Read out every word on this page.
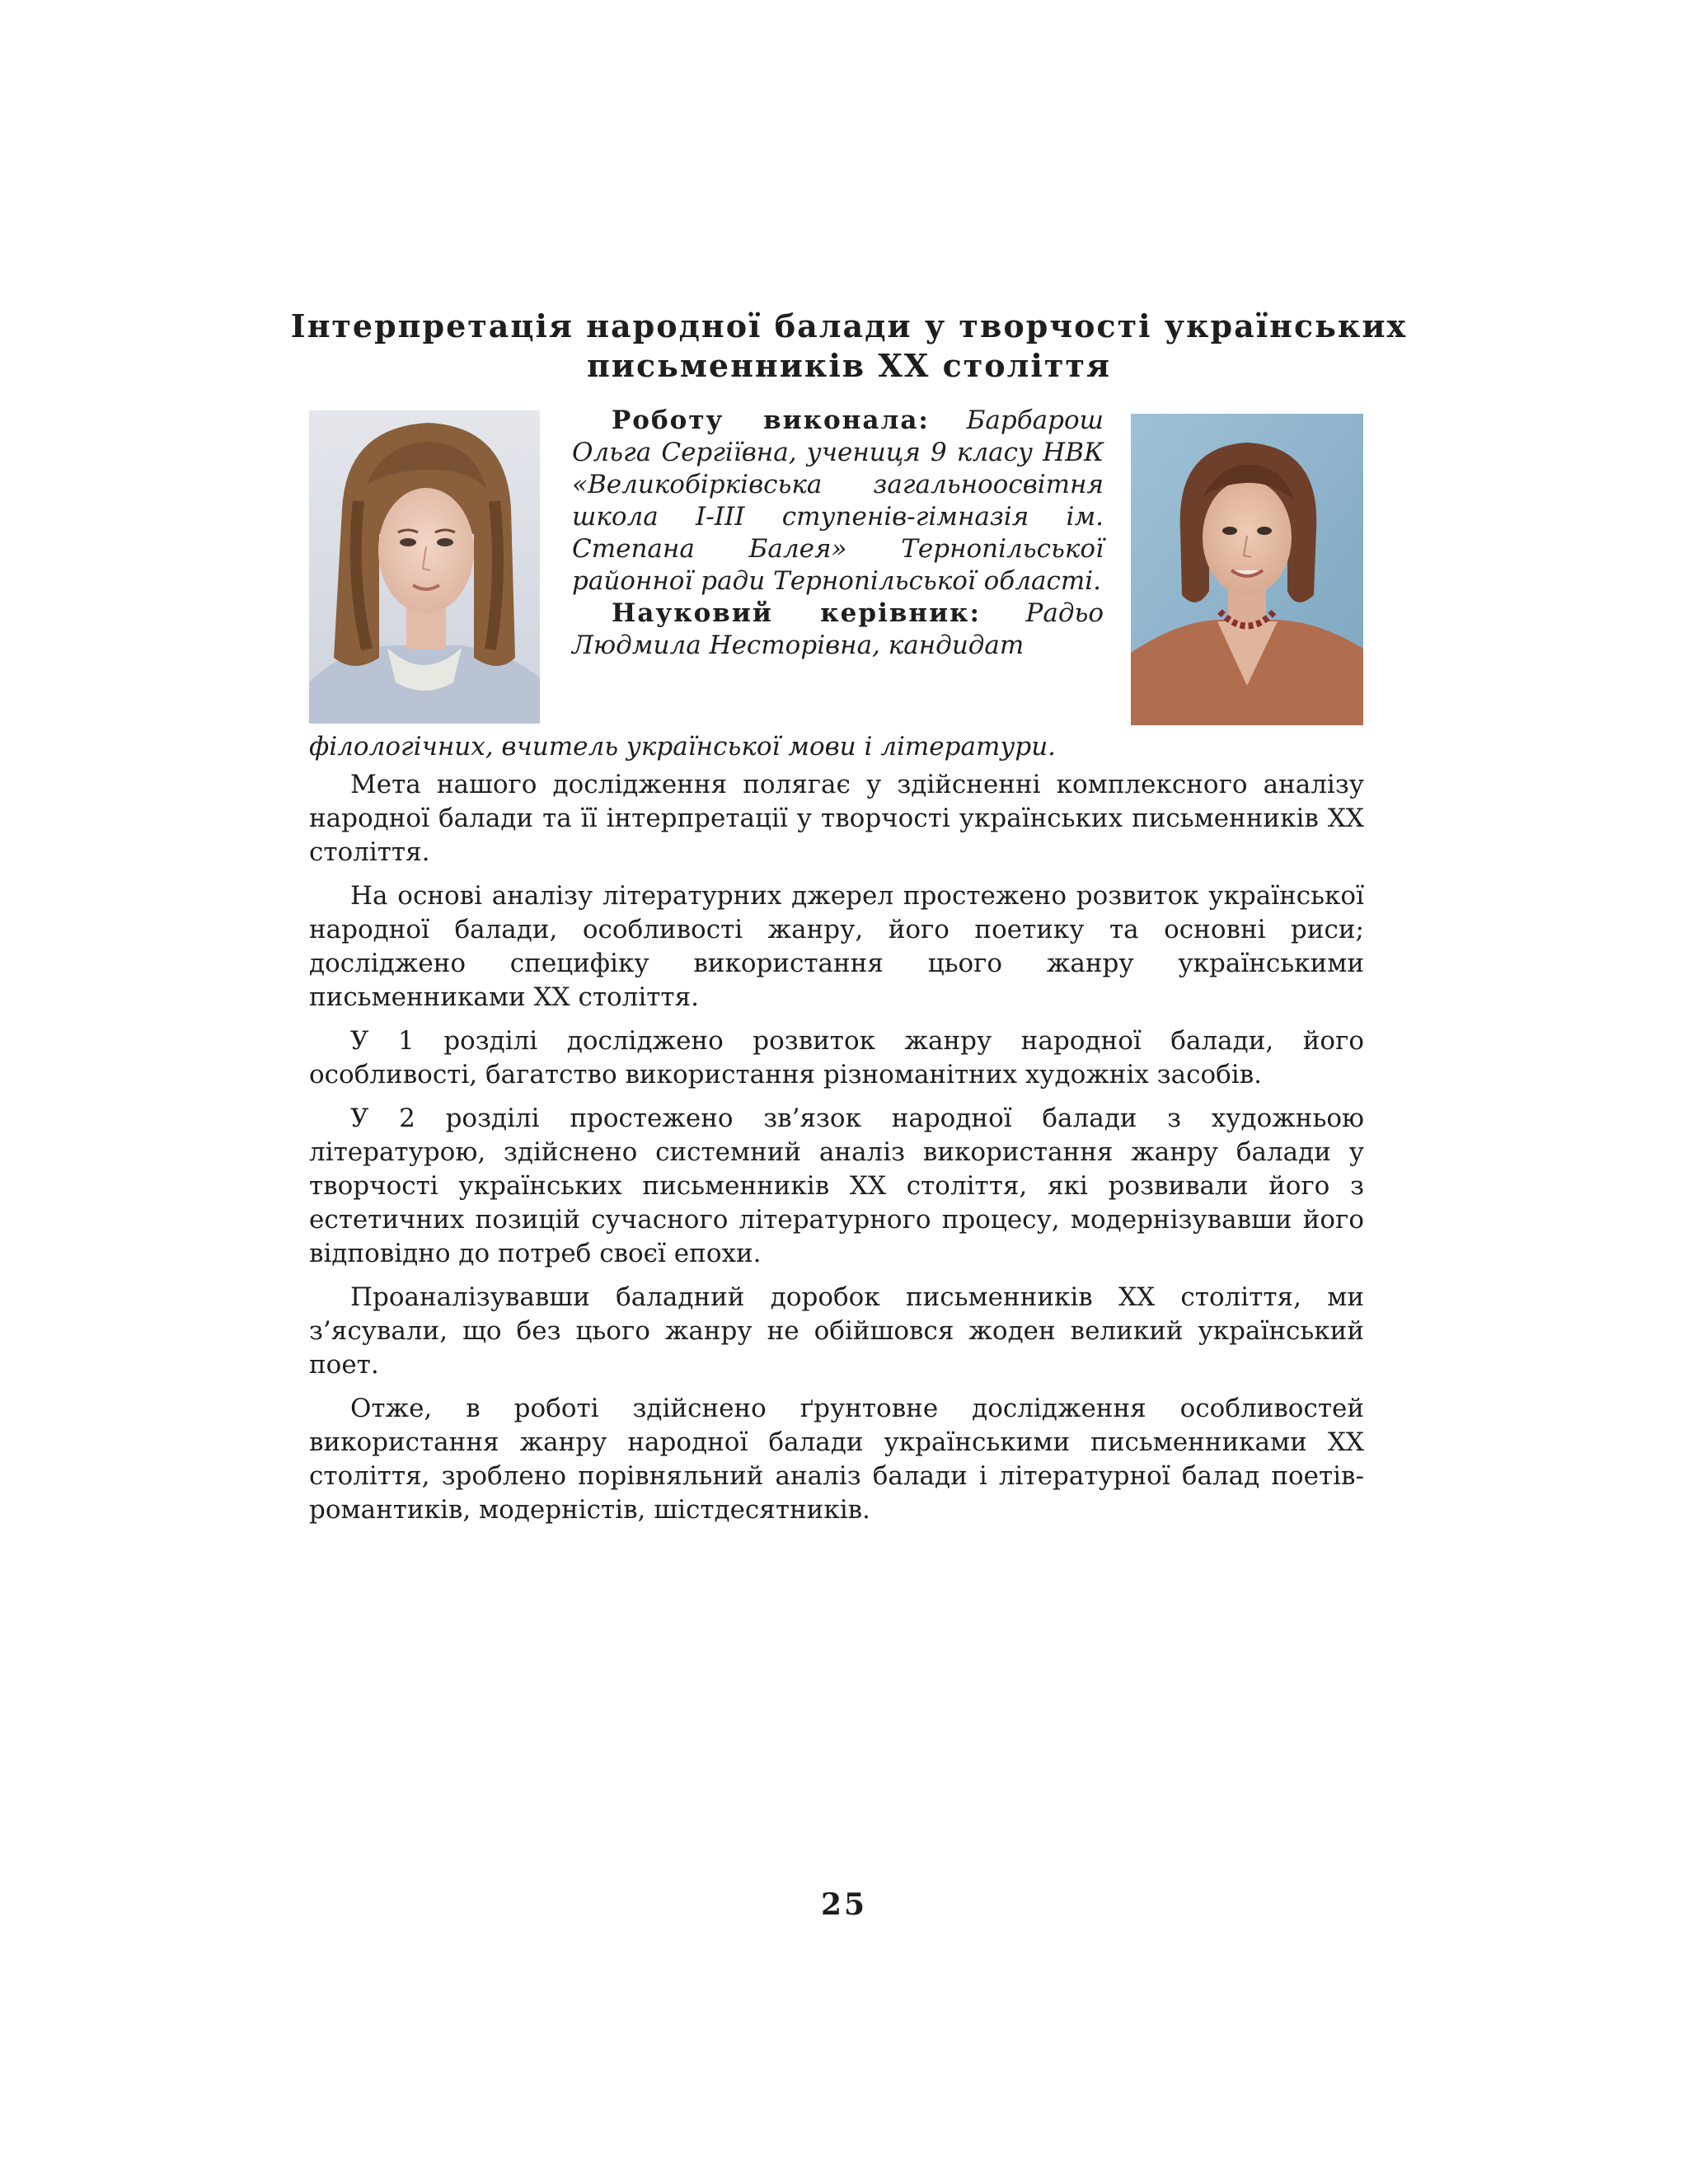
Інтерпретація народної балади у творчості українських
письменників XX століття

Роботу виконала: Барбарош Ольга Сергіївна, учениця 9 класу НВК «Великобірківська загальноосвітня школа І-ІІІ ступенів-гімназія ім. Степана Балея» Тернопільської районної ради Тернопільської області.

Науковий керівник: Радьо Людмила Несторівна, кандидат

філологічних, вчитель української мови і літератури.

Мета нашого дослідження полягає у здійсненні комплексного аналізу народної балади та її інтерпретації у творчості українських письменників XX століття.

На основі аналізу літературних джерел простежено розвиток української народної балади, особливості жанру, його поетику та основні риси; досліджено специфіку використання цього жанру українськими письменниками XX століття.

У 1 розділі досліджено розвиток жанру народної балади, його особливості, багатство використання різноманітних художніх засобів.

У 2 розділі простежено зв’язок народної балади з художньою літературою, здійснено системний аналіз використання жанру балади у творчості українських письменників XX століття, які розвивали його з естетичних позицій сучасного літературного процесу, модернізувавши його відповідно до потреб своєї епохи.

Проаналізувавши баладний доробок письменників XX століття, ми з’ясували, що без цього жанру не обійшовся жоден великий український поет.

Отже, в роботі здійснено ґрунтовне дослідження особливостей використання жанру народної балади українськими письменниками XX століття, зроблено порівняльний аналіз балади і літературної балад поетів-романтиків, модерністів, шістдесятників.

25
